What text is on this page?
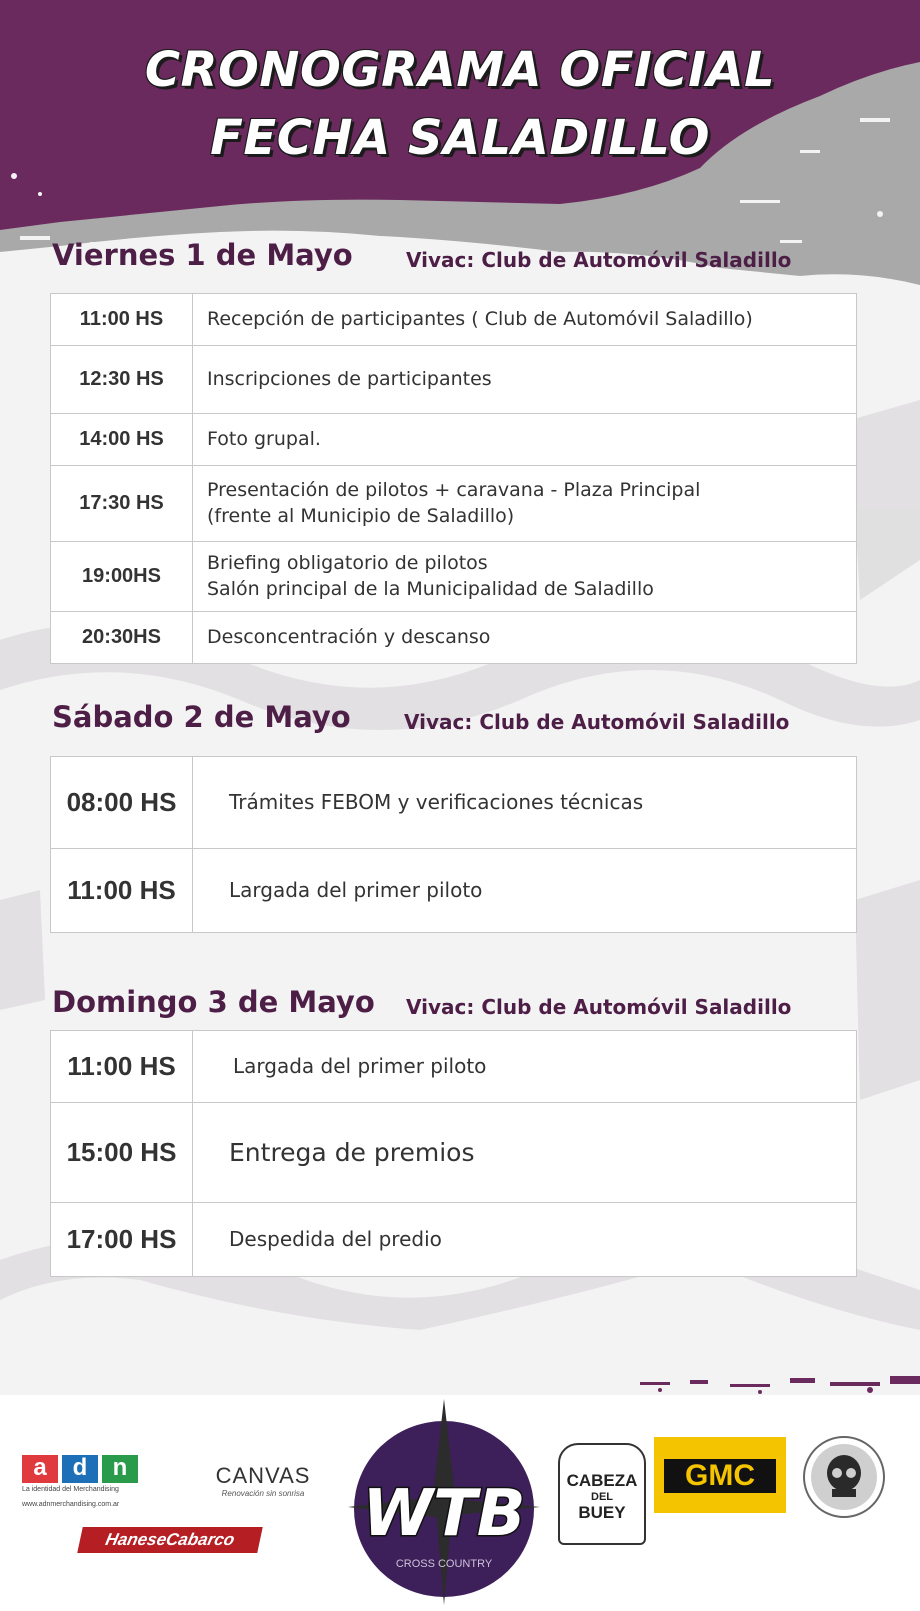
CRONOGRAMA OFICIAL
FECHA SALADILLO
Viernes 1 de Mayo	Vivac: Club de Automóvil Saladillo
11:00 HS	Recepción de participantes ( Club de Automóvil Saladillo)

12:30 HS	Inscripciones de participantes

14:00 HS	Foto grupal.

17:30 HS	Presentación de pilotos + caravana - Plaza Principal
(frente al Municipio de Saladillo)

19:00HS	Briefing obligatorio de pilotos
Salón principal de la Municipalidad de Saladillo

20:30HS	Desconcentración y descanso
Sábado 2 de Mayo	Vivac: Club de Automóvil Saladillo
08:00 HS	Trámites FEBOM y verificaciones técnicas

11:00 HS	Largada del primer piloto
Domingo 3 de Mayo Vivac: Club de Automóvil Saladillo
11:00 HS	Largada del primer piloto

15:00 HS	Entrega de premios

17:00 HS	Despedida del predio
a	d	n
La identidad del Merchandising
www.adnmerchandising.com.ar
HaneseCabarco
CANVAS
Renovación sin sonrisa WTB
CROSS COUNTRY
CABEZA
DEL
BUEY
GMC
